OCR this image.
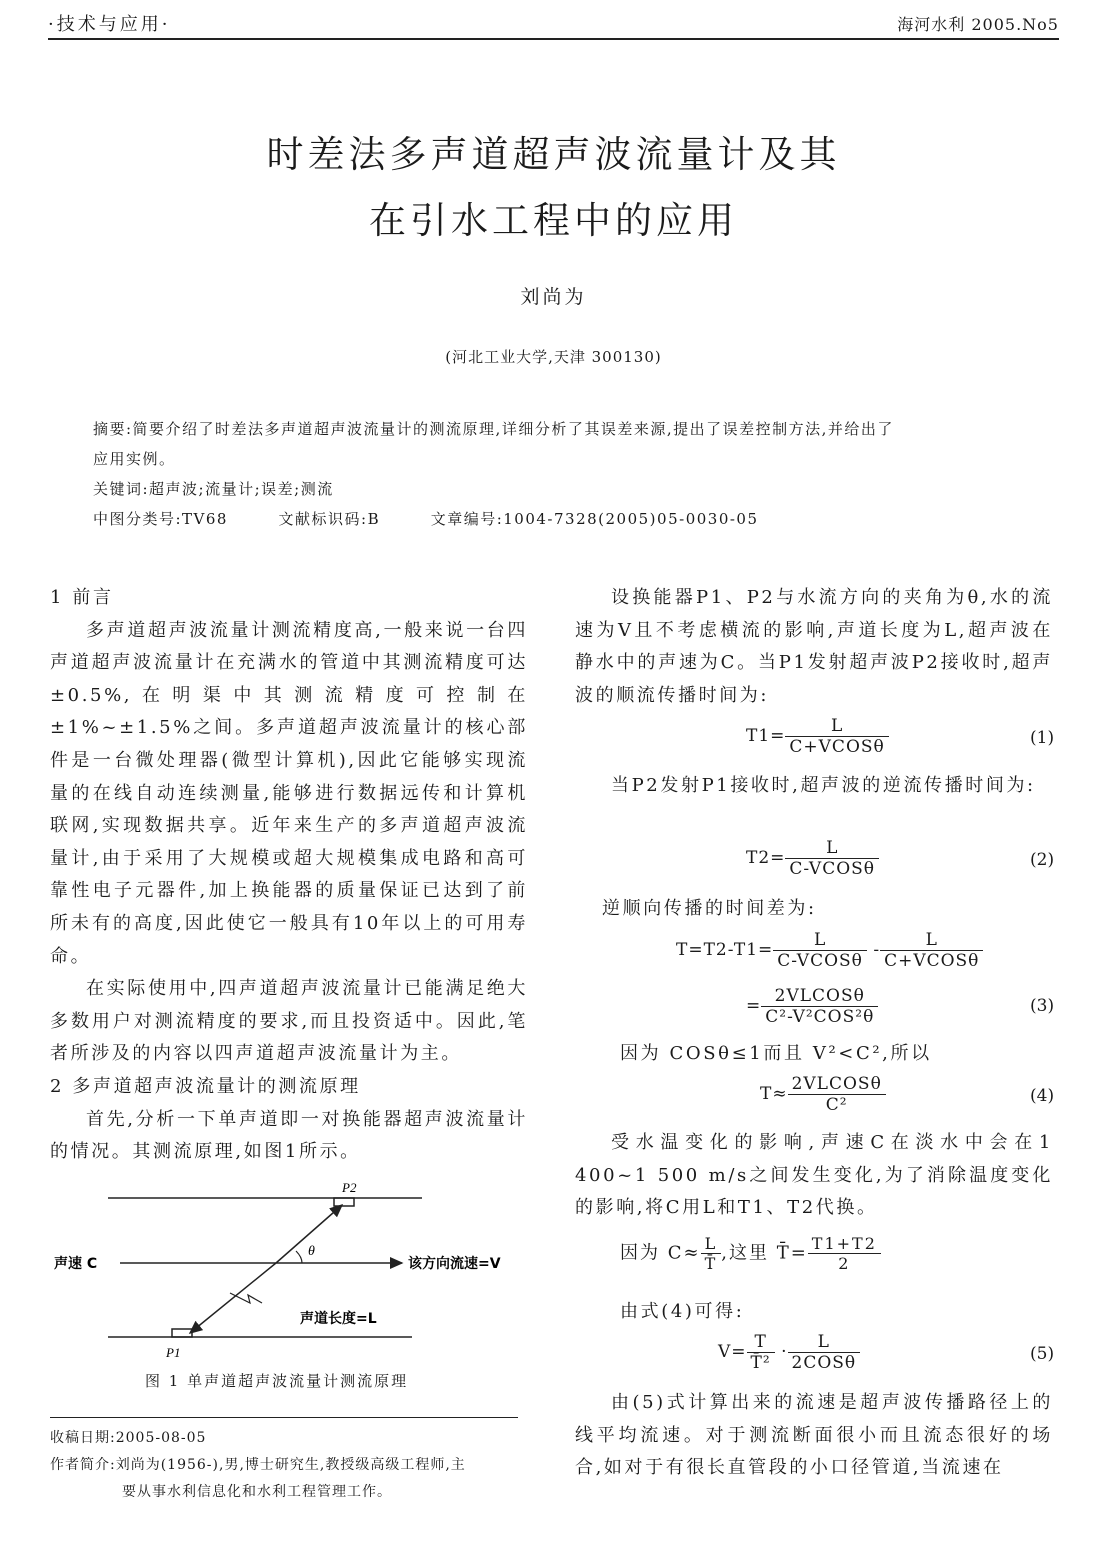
·技术与应用·	海河水利 2005.No5
时差法多声道超声波流量计及其
在引水工程中的应用
刘尚为
(河北工业大学,天津 300130)
摘要:简要介绍了时差法多声道超声波流量计的测流原理,详细分析了其误差来源,提出了误差控制方法,并给出了
应用实例。
关键词:超声波;流量计;误差;测流
中图分类号:TV68	文献标识码:B	文章编号:1004-7328(2005)05-0030-05

1 前言

多声道超声波流量计测流精度高,一般来说一台四声道超声波流量计在充满水的管道中其测流精度可达±0.5%,在明渠中其测流精度可控制在±1%~±1.5%之间。多声道超声波流量计的核心部件是一台微处理器(微型计算机),因此它能够实现流量的在线自动连续测量,能够进行数据远传和计算机联网,实现数据共享。近年来生产的多声道超声波流量计,由于采用了大规模或超大规模集成电路和高可靠性电子元器件,加上换能器的质量保证已达到了前所未有的高度,因此使它一般具有10年以上的可用寿命。

在实际使用中,四声道超声波流量计已能满足绝大多数用户对测流精度的要求,而且投资适中。因此,笔者所涉及的内容以四声道超声波流量计为主。

2 多声道超声波流量计的测流原理

首先,分析一下单声道即一对换能器超声波流量计的情况。其测流原理,如图1所示。

P2
P1
θ
声速 C	该方向流速=V
声道长度=L
图 1 单声道超声波流量计测流原理
收稿日期:2005-08-05
作者简介:刘尚为(1956-),男,博士研究生,教授级高级工程师,主
要从事水利信息化和水利工程管理工作。
设换能器P1、P2与水流方向的夹角为θ,水的流速为V且不考虑横流的影响,声道长度为L,超声波在静水中的声速为C。当P1发射超声波P2接收时,超声波的顺流传播时间为:
$T1= \frac{L}{\text{C+VCOSθ}}$	(1)
当P2发射P1接收时,超声波的逆流传播时间为:
$T2= \frac{L}{\text{C-VCOSθ}}$	(2)
逆顺向传播的时间差为:
$T=T2-T1= \frac{L}{\text{C-VCOSθ}} - \frac{L}{\text{C+VCOSθ}}$
= $\frac{\text{2VLCOSθ}}{\text{C²-V²COS²θ}}$	(3)
因为 COSθ≤1而且 V²<C²,所以
$T\approx \frac{\text{2VLCOSθ}}{\text{C²}}$	(4)
受水温变化的影响,声速C在淡水中会在1 400~1 500 m/s之间发生变化,为了消除温度变化的影响,将C用L和T1、T2代换。
因为 $C\approx \frac{L}{T̄}$ ,这里 T̄= $\frac{T1+T2}{2}$
由式(4)可得:
$V= \frac{T}{\text{T̄²}} \cdot \frac{L}{\text{2COSθ}}$	(5)
由(5)式计算出来的流速是超声波传播路径上的线平均流速。对于测流断面很小而且流态很好的场合,如对于有很长直管段的小口径管道,当流速在
